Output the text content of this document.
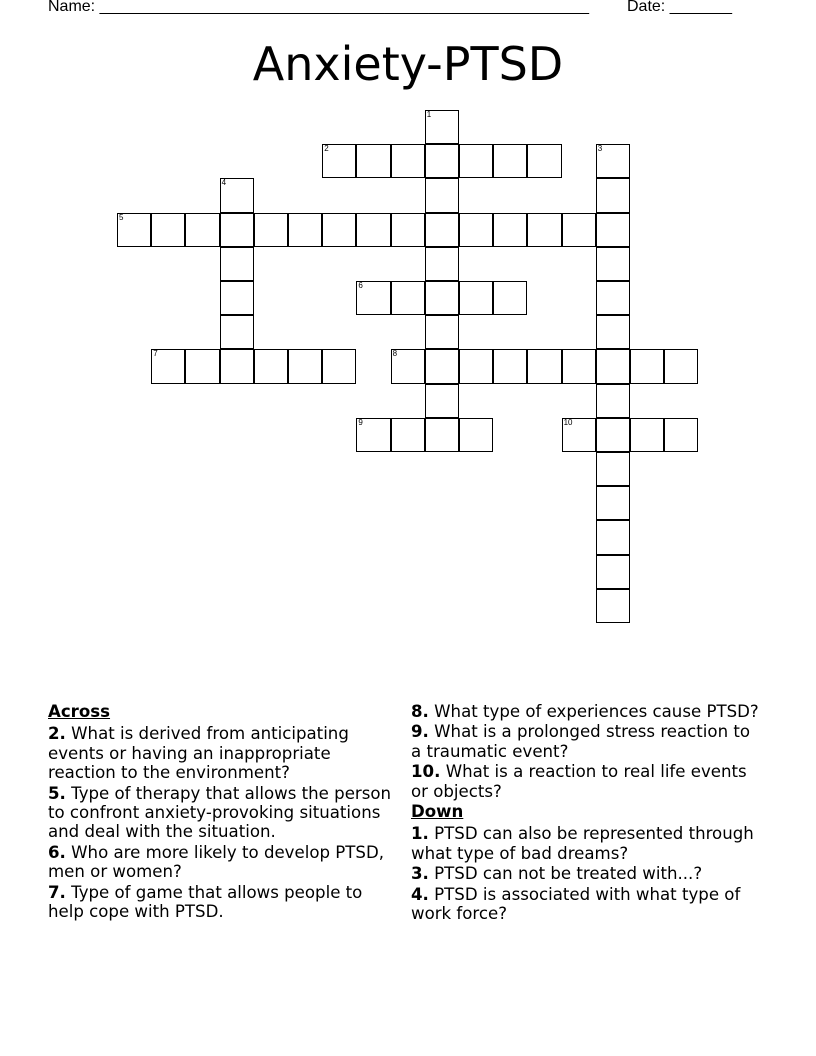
Name: _______________________________________________________ Date: _______
Anxiety-PTSD
1
2	3
4
5
6
7	8
9	10
Across
2. What is derived from anticipating events or having an inappropriate reaction to the environment?
5. Type of therapy that allows the person to confront anxiety-provoking situations and deal with the situation.
6. Who are more likely to develop PTSD, men or women?
7. Type of game that allows people to help cope with PTSD.
8. What type of experiences cause PTSD?
9. What is a prolonged stress reaction to a traumatic event?
10. What is a reaction to real life events or objects?
Down
1. PTSD can also be represented through what type of bad dreams?
3. PTSD can not be treated with...?
4. PTSD is associated with what type of work force?
